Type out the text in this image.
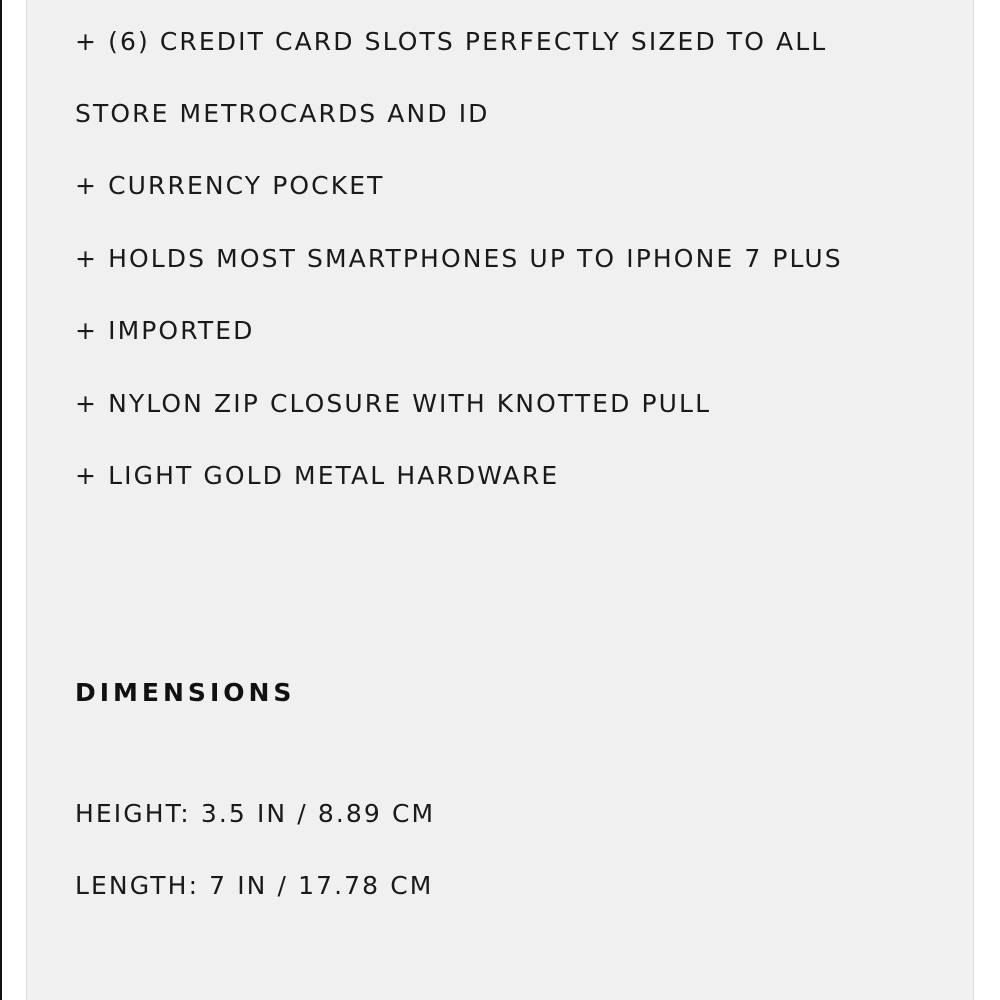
+ (6) CREDIT CARD SLOTS PERFECTLY SIZED TO ALL

STORE METROCARDS AND ID

+ CURRENCY POCKET

+ HOLDS MOST SMARTPHONES UP TO IPHONE 7 PLUS

+ IMPORTED

+ NYLON ZIP CLOSURE WITH KNOTTED PULL

+ LIGHT GOLD METAL HARDWARE

DIMENSIONS

HEIGHT: 3.5 IN / 8.89 CM

LENGTH: 7 IN / 17.78 CM
